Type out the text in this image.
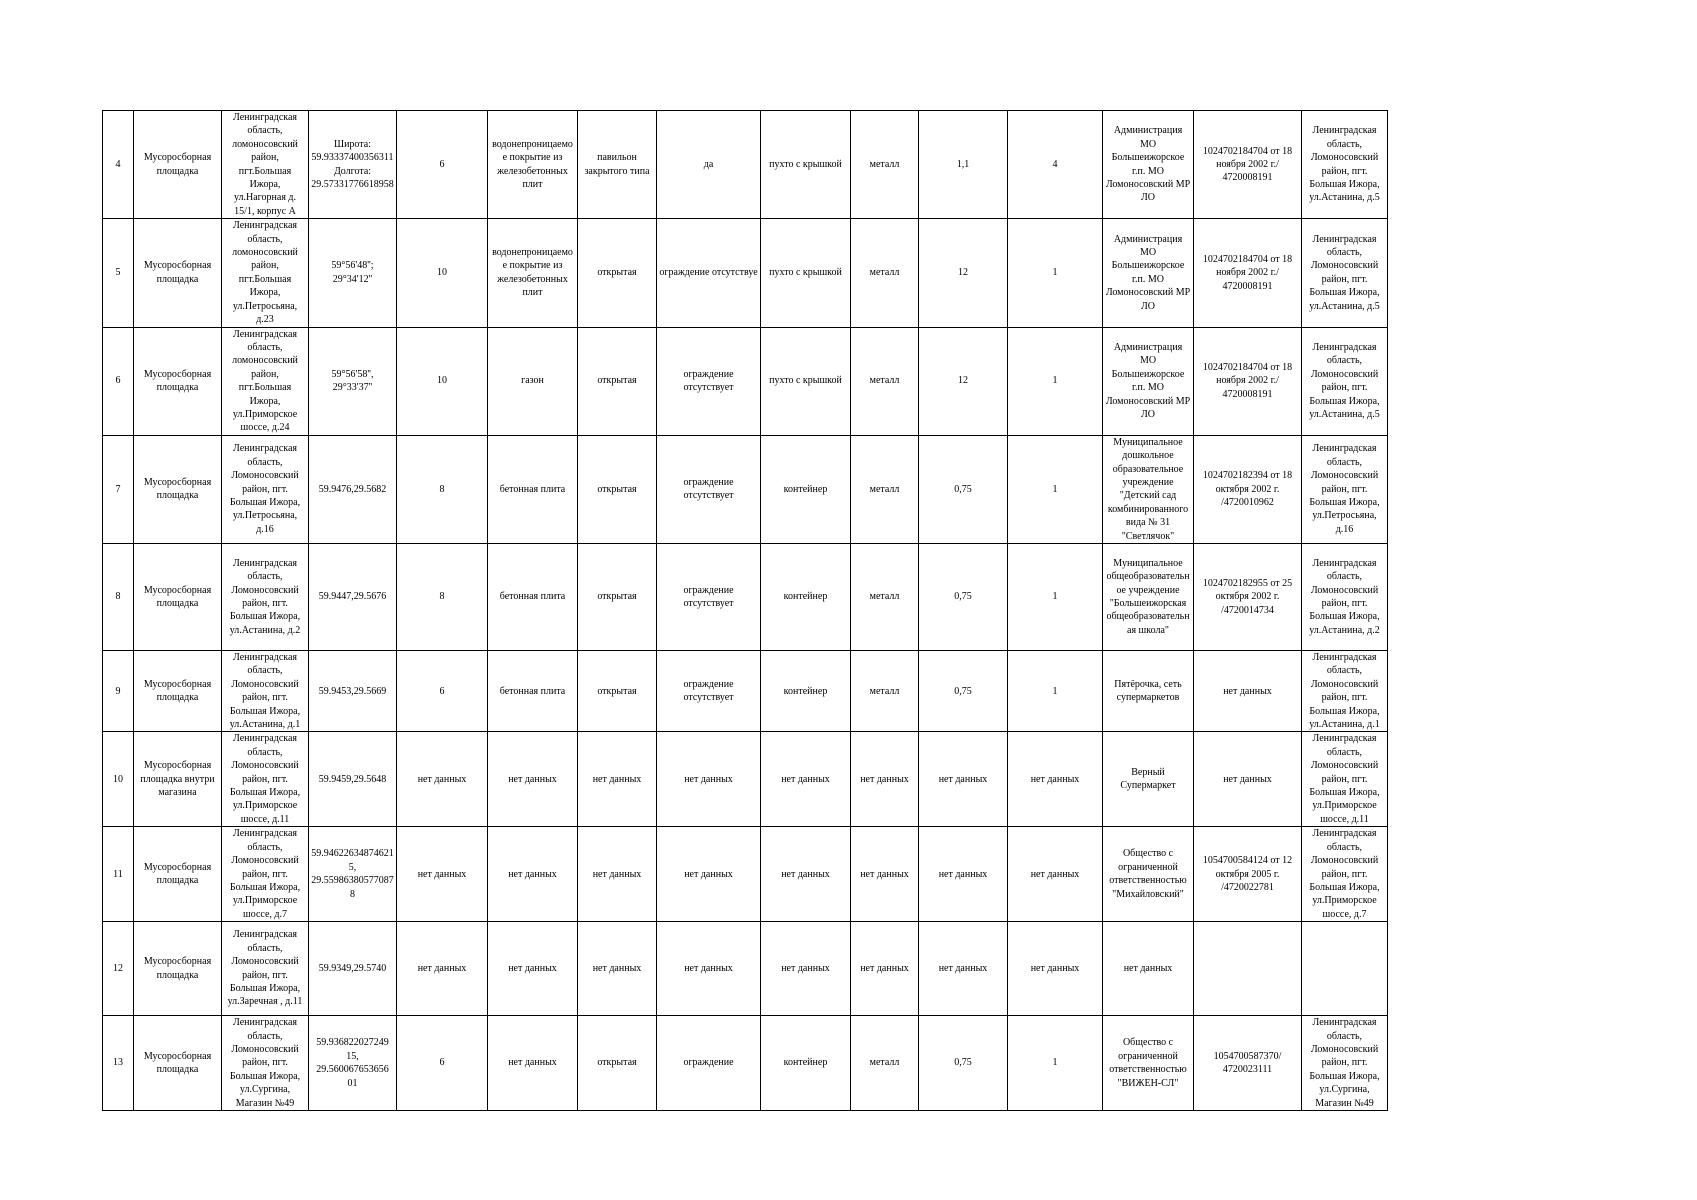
4	Мусоросборная площадка	Ленинградская область, ломоносовский район, пгт.Большая Ижора, ул.Нагорная д. 15/1, корпус А	Широта: 59.93337400356311 Долгота: 29.57331776618958	6	водонепроницаемое покрытие из железобетонных плит	павильон закрытого типа	да	пухто с крышкой	металл	1,1	4	Администрация МО Большеижорское г.п. МО Ломоносовский МР ЛО	1024702184704 от 18 ноября 2002 г./ 4720008191	Ленинградская область, Ломоносовский район, пгт. Большая Ижора, ул.Астанина, д.5
5	Мусоросборная площадка	Ленинградская область, ломоносовский район, пгт.Большая Ижора, ул.Петросьяна, д.23	59°56'48''; 29°34'12''	10	водонепроницаемое покрытие из железобетонных плит	открытая	ограждение отсутствуе	пухто с крышкой	металл	12	1	Администрация МО Большеижорское г.п. МО Ломоносовский МР ЛО	1024702184704 от 18 ноября 2002 г./ 4720008191	Ленинградская область, Ломоносовский район, пгт. Большая Ижора, ул.Астанина, д.5
6	Мусоросборная площадка	Ленинградская область, ломоносовский район, пгт.Большая Ижора, ул.Приморское шоссе, д.24	59°56'58'', 29°33'37''	10	газон	открытая	ограждение отсутствует	пухто с крышкой	металл	12	1	Администрация МО Большеижорское г.п. МО Ломоносовский МР ЛО	1024702184704 от 18 ноября 2002 г./ 4720008191	Ленинградская область, Ломоносовский район, пгт. Большая Ижора, ул.Астанина, д.5
7	Мусоросборная площадка	Ленинградская область, Ломоносовский район, пгт. Большая Ижора, ул.Петросьяна, д.16	59.9476,29.5682	8	бетонная плита	открытая	ограждение отсутствует	контейнер	металл	0,75	1	Муниципальное дошкольное образовательное учреждение "Детский сад комбинированного вида № 31 "Светлячок"	1024702182394 от 18 октября 2002 г. /4720010962	Ленинградская область, Ломоносовский район, пгт. Большая Ижора, ул.Петросьяна, д.16
8	Мусоросборная площадка	Ленинградская область, Ломоносовский район, пгт. Большая Ижора, ул.Астанина, д.2	59.9447,29.5676	8	бетонная плита	открытая	ограждение отсутствует	контейнер	металл	0,75	1	Муниципальное общеобразовательное учреждение "Большеижорская общеобразовательная школа"	1024702182955 от 25 октября 2002 г. /4720014734	Ленинградская область, Ломоносовский район, пгт. Большая Ижора, ул.Астанина, д.2
9	Мусоросборная площадка	Ленинградская область, Ломоносовский район, пгт. Большая Ижора, ул.Астанина, д.1	59.9453,29.5669	6	бетонная плита	открытая	ограждение отсутствует	контейнер	металл	0,75	1	Пятёрочка, сеть супермаркетов	нет данных	Ленинградская область, Ломоносовский район, пгт. Большая Ижора, ул.Астанина, д.1
10	Мусоросборная площадка внутри магазина	Ленинградская область, Ломоносовский район, пгт. Большая Ижора, ул.Приморское шоссе, д.11	59.9459,29.5648	нет данных	нет данных	нет данных	нет данных	нет данных	нет данных	нет данных	нет данных	Верный Супермаркет	нет данных	Ленинградская область, Ломоносовский район, пгт. Большая Ижора, ул.Приморское шоссе, д.11
11	Мусоросборная площадка	Ленинградская область, Ломоносовский район, пгт. Большая Ижора, ул.Приморское шоссе, д.7	59.946226348746215, 29.559863805770878	нет данных	нет данных	нет данных	нет данных	нет данных	нет данных	нет данных	нет данных	Общество с ограниченной ответственностью "Михайловский"	1054700584124 от 12 октября 2005 г. /4720022781	Ленинградская область, Ломоносовский район, пгт. Большая Ижора, ул.Приморское шоссе, д.7
12	Мусоросборная площадка	Ленинградская область, Ломоносовский район, пгт. Большая Ижора, ул.Заречная , д.11	59.9349,29.5740	нет данных	нет данных	нет данных	нет данных	нет данных	нет данных	нет данных	нет данных	нет данных		
13	Мусоросборная площадка	Ленинградская область, Ломоносовский район, пгт. Большая Ижора, ул.Сургина, Магазин №49	59.936822027249 15, 29.560067653656 01	6	нет данных	открытая	ограждение	контейнер	металл	0,75	1	Общество с ограниченной ответственностью "ВИЖЕН-СЛ"	1054700587370/ 4720023111	Ленинградская область, Ломоносовский район, пгт. Большая Ижора, ул.Сургина, Магазин №49
